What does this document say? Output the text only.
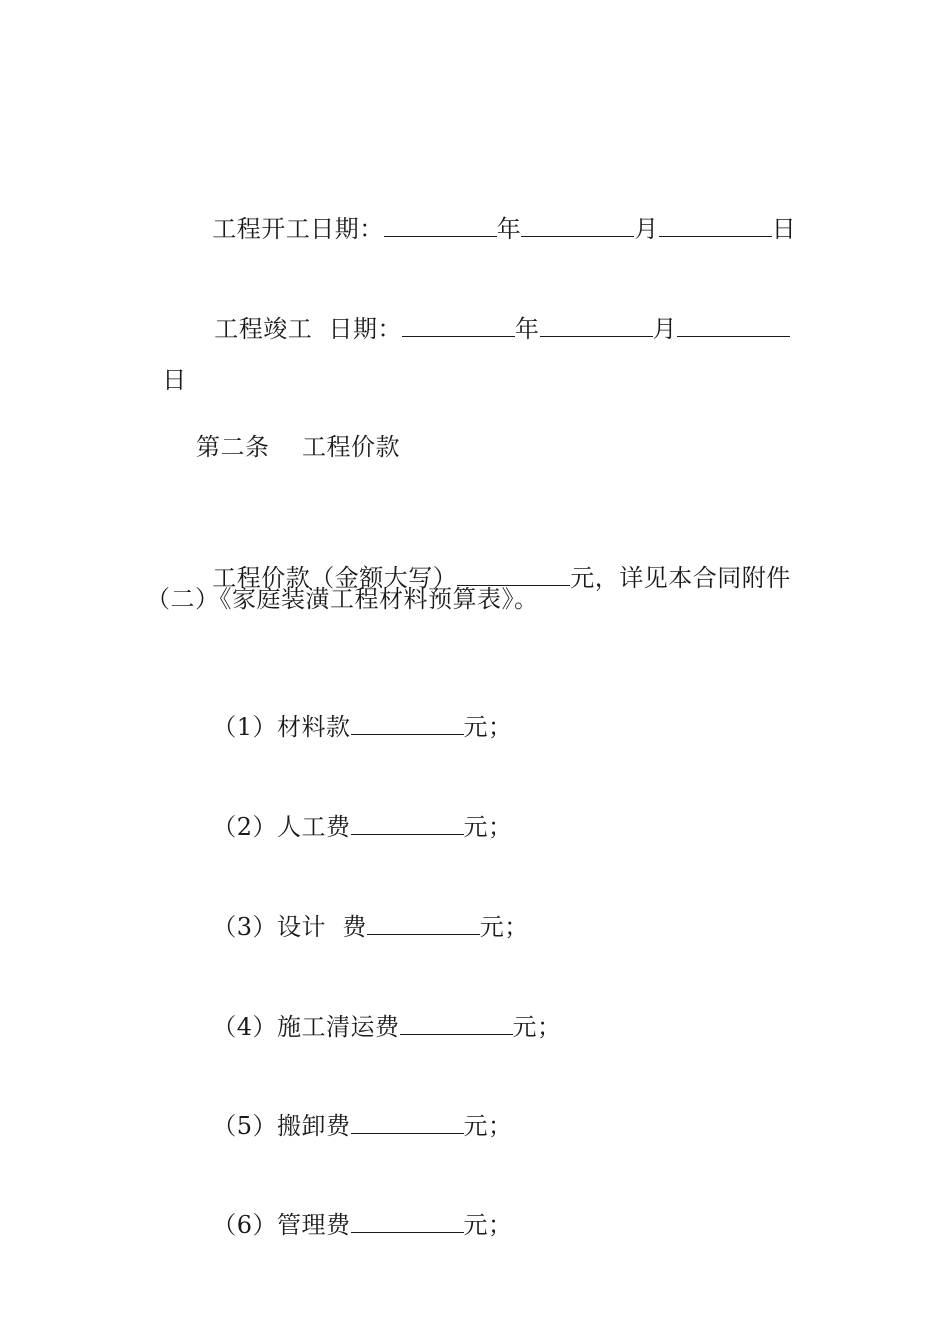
工程开工日期：	年	月	日

工程竣工  日期：	年	月

日

第二条    工程价款

工程价款（金额大写）	元，详见本合同附件

（二）《家庭装潢工程材料预算表》。

（1）材料款	元；

（2）人工费	元；

（3）设计  费	元；

（4）施工清运费	元；

（5）搬卸费	元；

（6）管理费	元；
